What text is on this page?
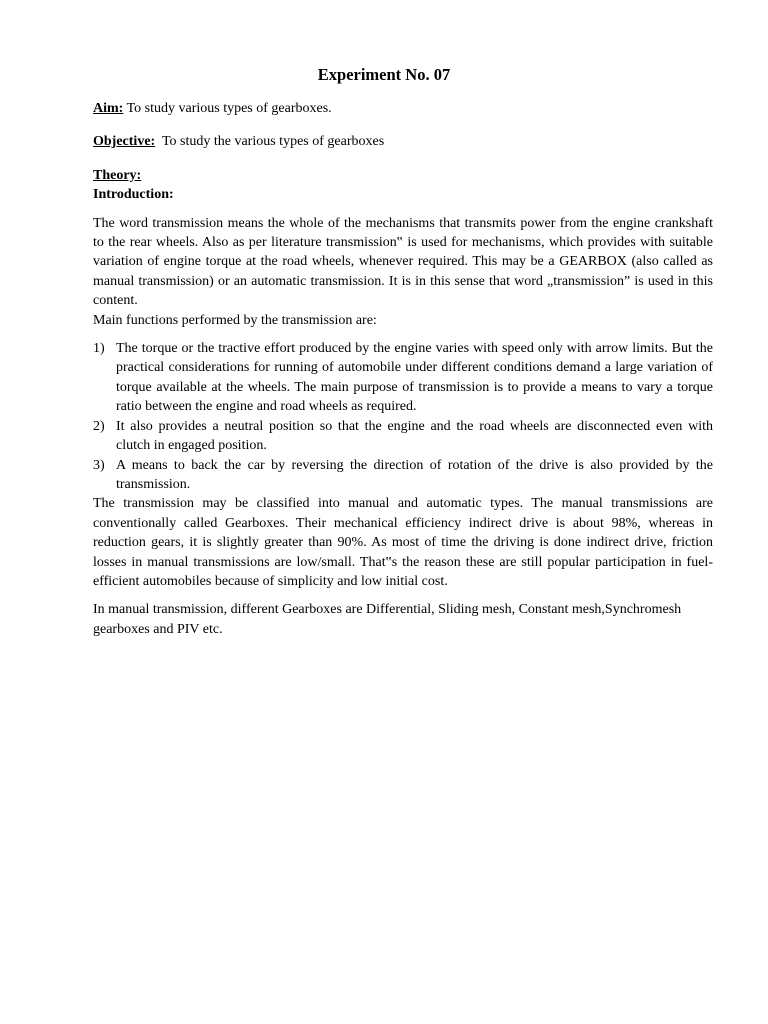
Experiment No. 07

Aim: To study various types of gearboxes.

Objective:  To study the various types of gearboxes

Theory:
Introduction:

The word transmission means the whole of the mechanisms that transmits power from the engine crankshaft to the rear wheels. Also as per literature transmission‟ is used for mechanisms, which provides with suitable variation of engine torque at the road wheels, whenever required. This may be a GEARBOX (also called as manual transmission) or an automatic transmission. It is in this sense that word „transmission” is used in this content.

Main functions performed by the transmission are:

1) The torque or the tractive effort produced by the engine varies with speed only with arrow limits. But the practical considerations for running of automobile under different conditions demand a large variation of torque available at the wheels. The main purpose of transmission is to provide a means to vary a torque ratio between the engine and road wheels as required.
2) It also provides a neutral position so that the engine and the road wheels are disconnected even with clutch in engaged position.
3) A means to back the car by reversing the direction of rotation of the drive is also provided by the transmission.

The transmission may be classified into manual and automatic types. The manual transmissions are conventionally called Gearboxes. Their mechanical efficiency indirect drive is about 98%, whereas in reduction gears, it is slightly greater than 90%. As most of time the driving is done indirect drive, friction losses in manual transmissions are low/small. That‟s the reason these are still popular participation in fuel-efficient automobiles because of simplicity and low initial cost.

In manual transmission, different Gearboxes are Differential, Sliding mesh, Constant mesh,Synchromesh gearboxes and PIV etc.
